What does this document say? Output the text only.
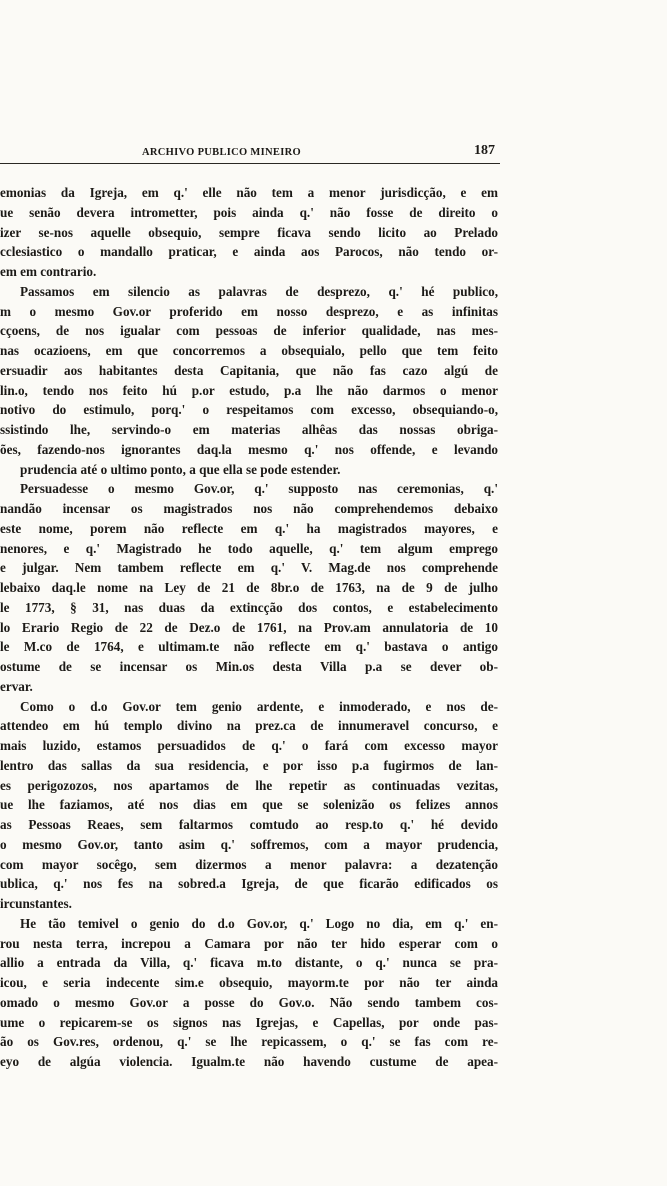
ARCHIVO PUBLICO MINEIRO	187
emonias da Igreja, em q.' elle não tem a menor jurisdicção, e em
ue senão devera intrometter, pois ainda q.' não fosse de direito o
izer se-nos aquelle obsequio, sempre ficava sendo licito ao Prelado
cclesiastico o mandallo praticar, e ainda aos Parocos, não tendo or-
em em contrario.
Passamos em silencio as palavras de desprezo, q.' hé publico,
m o mesmo Gov.or proferido em nosso desprezo, e as infinitas
cçoens, de nos igualar com pessoas de inferior qualidade, nas mes-
nas ocazioens, em que concorremos a obsequialo, pello que tem feito
ersuadir aos habitantes desta Capitania, que não fas cazo algú de
lin.o, tendo nos feito hú p.or estudo, p.a lhe não darmos o menor
notivo do estimulo, porq.' o respeitamos com excesso, obsequiando-o,
ssistindo lhe, servindo-o em materias alhêas das nossas obriga-
ões, fazendo-nos ignorantes daq.la mesmo q.' nos offende, e levando
prudencia até o ultimo ponto, a que ella se pode estender.
Persuadesse o mesmo Gov.or, q.' supposto nas ceremonias, q.'
nandão incensar os magistrados nos não comprehendemos debaixo
este nome, porem não reflecte em q.' ha magistrados mayores, e
nenores, e q.' Magistrado he todo aquelle, q.' tem algum emprego
e julgar. Nem tambem reflecte em q.' V. Mag.de nos comprehende
lebaixo daq.le nome na Ley de 21 de 8br.o de 1763, na de 9 de julho
le 1773, § 31, nas duas da extincção dos contos, e estabelecimento
lo Erario Regio de 22 de Dez.o de 1761, na Prov.am annulatoria de 10
le M.co de 1764, e ultimam.te não reflecte em q.' bastava o antigo
ostume de se incensar os Min.os desta Villa p.a se dever ob-
ervar.
Como o d.o Gov.or tem genio ardente, e inmoderado, e nos de-
attendeo em hú templo divino na prez.ca de innumeravel concurso, e
mais luzido, estamos persuadidos de q.' o fará com excesso mayor
lentro das sallas da sua residencia, e por isso p.a fugirmos de lan-
es perigozozos, nos apartamos de lhe repetir as continuadas vezitas,
ue lhe faziamos, até nos dias em que se solenizão os felizes annos
as Pessoas Reaes, sem faltarmos comtudo ao resp.to q.' hé devido
o mesmo Gov.or, tanto asim q.' soffremos, com a mayor prudencia,
com mayor socêgo, sem dizermos a menor palavra: a dezatenção
ublica, q.' nos fes na sobred.a Igreja, de que ficarão edificados os
ircunstantes.
He tão temivel o genio do d.o Gov.or, q.' Logo no dia, em q.' en-
rou nesta terra, increpou a Camara por não ter hido esperar com o
allio a entrada da Villa, q.' ficava m.to distante, o q.' nunca se pra-
icou, e seria indecente sim.e obsequio, mayorm.te por não ter ainda
omado o mesmo Gov.or a posse do Gov.o. Não sendo tambem cos-
ume o repicarem-se os signos nas Igrejas, e Capellas, por onde pas-
ão os Gov.res, ordenou, q.' se lhe repicassem, o q.' se fas com re-
eyo de algúa violencia. Igualm.te não havendo custume de apea-
